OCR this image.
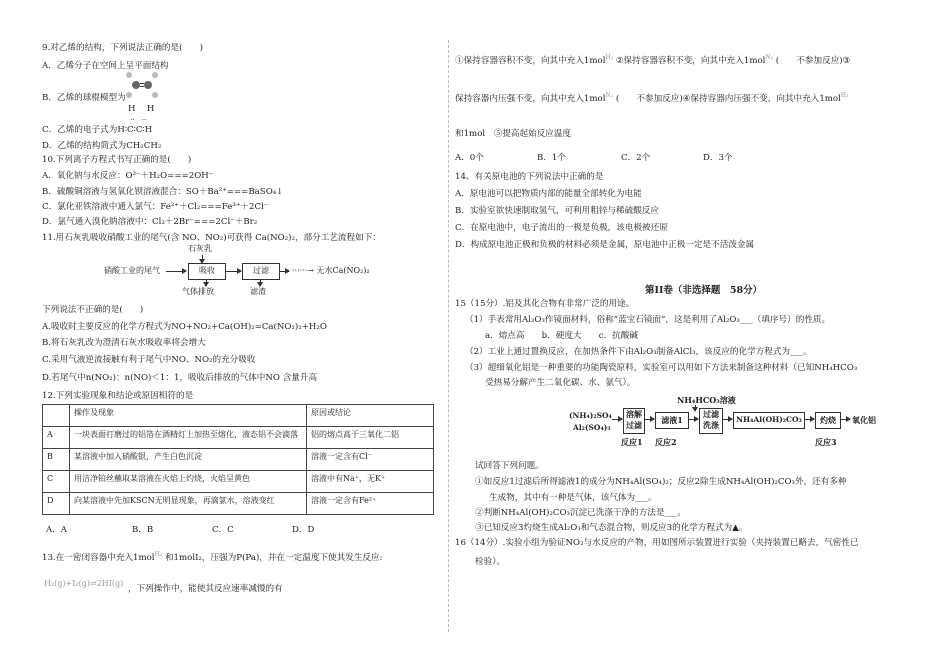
9.对乙烯的结构，下列说法正确的是(　　)
A．乙烯分子在空间上呈平面结构
B．乙烯的球棍模型为
H　 H
‥　‥
C．乙烯的电子式为H∶C∶C∶H
D．乙烯的结构简式为CH₂CH₂
10.下列离子方程式书写正确的是(　　)
A．氧化钠与水反应：O²⁻＋H₂O===2OH⁻
B．硫酸铜溶液与氢氧化钡溶液混合：SO＋Ba²⁺===BaSO₄↓
C．氯化亚铁溶液中通入氯气：Fe²⁺＋Cl₂===Fe³⁺＋2Cl⁻
D．氯气通入溴化钠溶液中：Cl₂＋2Br⁻===2Cl⁻＋Br₂
11.用石灰乳吸收硝酸工业的尾气(含 NO、NO₂)可获得 Ca(NO₂)₂，部分工艺流程如下：
石灰乳
硝酸工业的尾气	吸收	过滤	······→ 无水Ca(NO₂)₂
气体排放	滤渣
下列说法不正确的是(　　)
A.吸收时主要反应的化学方程式为NO+NO₂+Ca(OH)₂=Ca(NO₂)₂+H₂O
B.将石灰乳改为澄清石灰水吸收率将会增大
C.采用气液逆流接触有利于尾气中NO、NO₂的充分吸收
D.若尾气中n(NO₂)：n(NO)＜1：1，吸收后排放的气体中NO 含量升高
12.下列实验现象和结论或原因相符的是
	操作及现象	原因或结论
A	一块表面打磨过的铝箔在酒精灯上加热至熔化，液态铝不会滴落	铝的熔点高于三氧化二铝
B	某溶液中加入硝酸银，产生白色沉淀	溶液一定含有Cl⁻
C	用洁净铂丝蘸取某溶液在火焰上灼烧，火焰呈黄色	溶液中有Na⁺，无K⁺
D	向某溶液中先加KSCN无明显现象，再滴氯水，溶液变红	溶液一定含有Fe²⁺
A．A	B．B	C．C	D．D
13.在一密闭容器中充入1mol$^{H_2}$ 和1molI₂，压强为P(Pa)，并在一定温度下使其发生反应:
H₂(g)+I₂(g)⇌2HI(g)
，下列操作中，能使其反应速率减慢的有
①保持容器容积不变，向其中充入1mol$^{H_2}$ ②保持容器容积不变，向其中充入1mol$^{N_2}$ (　　不参加反应)③
保持容器内压强不变，向其中充入1mol$^{N_2}$ (　　不参加反应)④保持容器内压强不变，向其中充入1mol$^{H_2}$
和1mol　⑤提高起始反应温度
A．0个	B．1个	C．2个	D．3个
14、有关原电池的下列说法中正确的是
A．原电池可以把物质内部的能量全部转化为电能
B．实验室欲快速制取氢气，可利用粗锌与稀硫酸反应
C．在原电池中，电子流出的一极是负极，该电极被还原
D．构成原电池正极和负极的材料必须是金属，原电池中正极一定是不活泼金属
第II卷（非选择题　58分）
15（15分）.铝及其化合物有非常广泛的用途。
（1）手表常用Al₂O₃作镜面材料，俗称“蓝宝石镜面”，这是利用了Al₂O₃___（填序号）的性质。
a．熔点高　　b．硬度大　　c．抗酸碱
（2）工业上通过置换反应，在加热条件下由Al₂O₃制备AlCl₃，该反应的化学方程式为___。
（3）超细氧化铝是一种重要的功能陶瓷原料，实验室可以用如下方法来制备这种材料（已知NH₄HCO₃
受热易分解产生二氧化碳、水、氨气）。
NH₄HCO₃溶液
(NH₄)₂SO₄
Al₂(SO₄)₃
溶解
过滤	滤液1
过滤
洗涤
NH₄Al(OH)₂CO₃	灼烧	氧化铝
反应1 反应2	反应3
试回答下列问题。
①如反应1过滤后所得滤液1的成分为NH₄Al(SO₄)₂；反应2除生成NH₄Al(OH)₂CO₃外，还有多种
生成物，其中有一种是气体，该气体为___。
②判断NH₄Al(OH)₂CO₃沉淀已洗涤干净的方法是___。
③已知反应3灼烧生成Al₂O₃和气态混合物，则反应3的化学方程式为▲。
16（14分）.实验小组为验证NO₂与水反应的产物，用如图所示装置进行实验（夹持装置已略去，气密性已
检验）。
